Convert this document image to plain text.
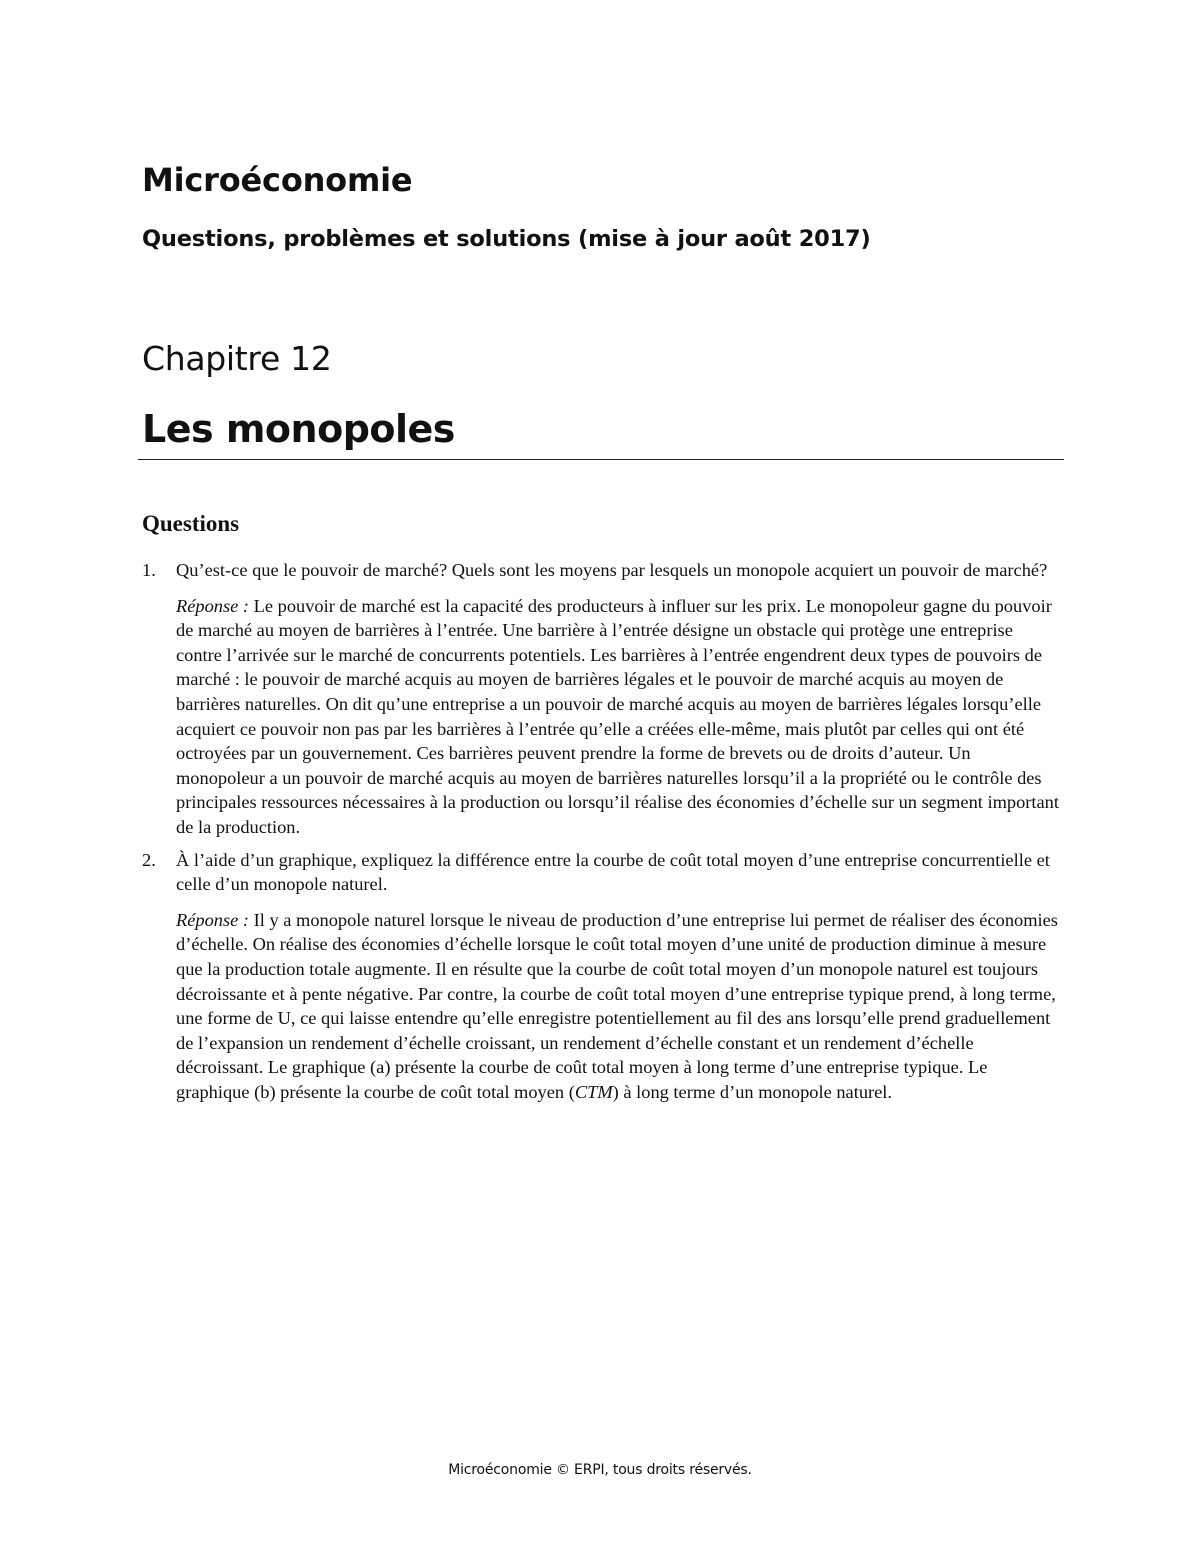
Microéconomie
Questions, problèmes et solutions (mise à jour août 2017)
Chapitre 12
Les monopoles
Questions
1. Qu’est-ce que le pouvoir de marché? Quels sont les moyens par lesquels un monopole acquiert un pouvoir de marché?

Réponse : Le pouvoir de marché est la capacité des producteurs à influer sur les prix. Le monopoleur gagne du pouvoir de marché au moyen de barrières à l’entrée. Une barrière à l’entrée désigne un obstacle qui protège une entreprise contre l’arrivée sur le marché de concurrents potentiels. Les barrières à l’entrée engendrent deux types de pouvoirs de marché : le pouvoir de marché acquis au moyen de barrières légales et le pouvoir de marché acquis au moyen de barrières naturelles. On dit qu’une entreprise a un pouvoir de marché acquis au moyen de barrières légales lorsqu’elle acquiert ce pouvoir non pas par les barrières à l’entrée qu’elle a créées elle-même, mais plutôt par celles qui ont été octroyées par un gouvernement. Ces barrières peuvent prendre la forme de brevets ou de droits d’auteur. Un monopoleur a un pouvoir de marché acquis au moyen de barrières naturelles lorsqu’il a la propriété ou le contrôle des principales ressources nécessaires à la production ou lorsqu’il réalise des économies d’échelle sur un segment important de la production.

2. À l’aide d’un graphique, expliquez la différence entre la courbe de coût total moyen d’une entreprise concurrentielle et celle d’un monopole naturel.

Réponse : Il y a monopole naturel lorsque le niveau de production d’une entreprise lui permet de réaliser des économies d’échelle. On réalise des économies d’échelle lorsque le coût total moyen d’une unité de production diminue à mesure que la production totale augmente. Il en résulte que la courbe de coût total moyen d’un monopole naturel est toujours décroissante et à pente négative. Par contre, la courbe de coût total moyen d’une entreprise typique prend, à long terme, une forme de U, ce qui laisse entendre qu’elle enregistre potentiellement au fil des ans lorsqu’elle prend graduellement de l’expansion un rendement d’échelle croissant, un rendement d’échelle constant et un rendement d’échelle décroissant. Le graphique (a) présente la courbe de coût total moyen à long terme d’une entreprise typique. Le graphique (b) présente la courbe de coût total moyen (CTM) à long terme d’un monopole naturel.

Microéconomie © ERPI, tous droits réservés.
